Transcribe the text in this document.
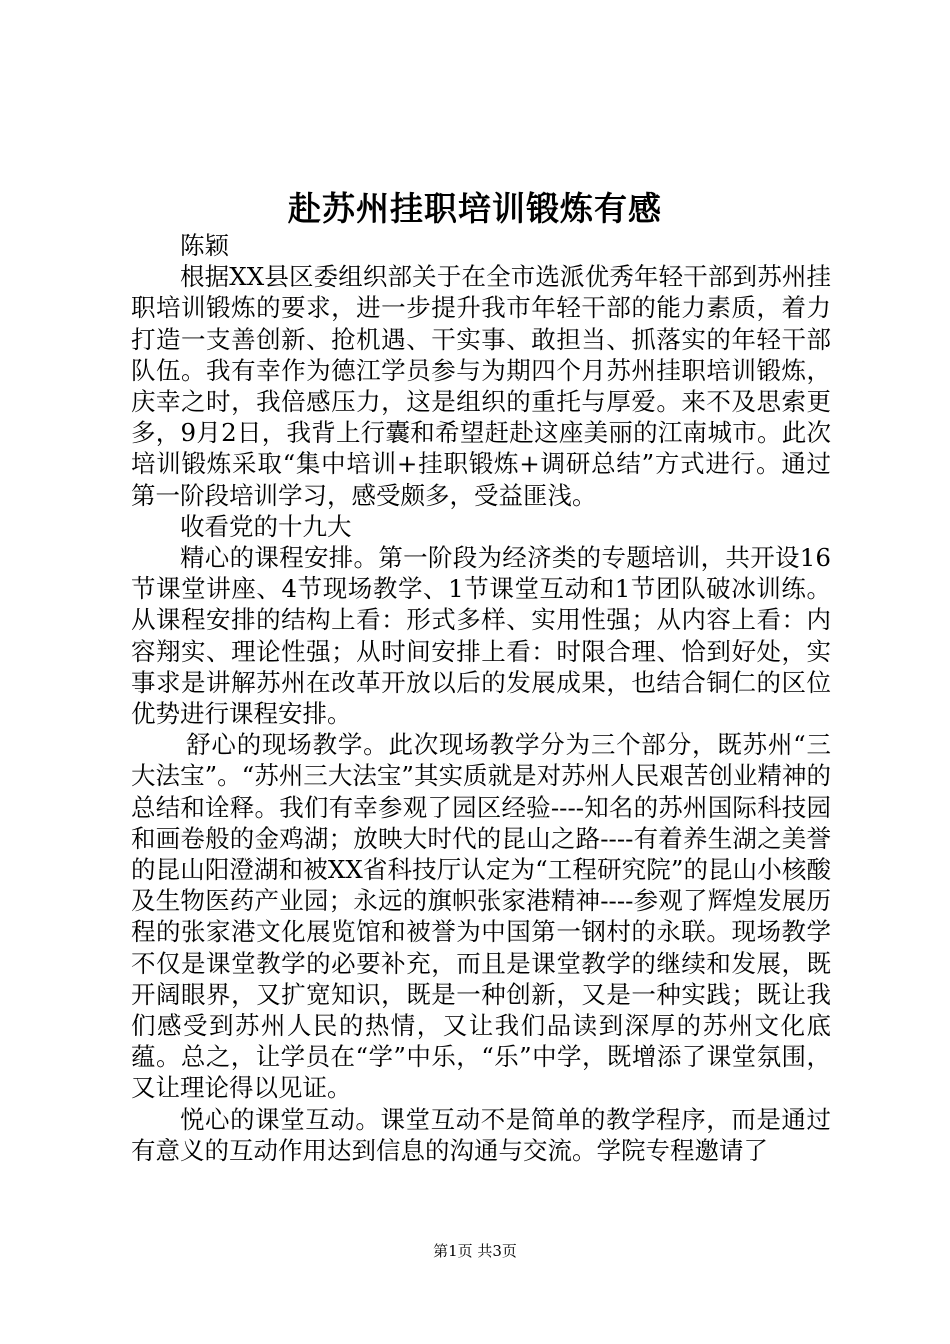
赴苏州挂职培训锻炼有感

陈颖

根据XX县区委组织部关于在全市选派优秀年轻干部到苏州挂职培训锻炼的要求，进一步提升我市年轻干部的能力素质，着力打造一支善创新、抢机遇、干实事、敢担当、抓落实的年轻干部队伍。我有幸作为德江学员参与为期四个月苏州挂职培训锻炼，庆幸之时，我倍感压力，这是组织的重托与厚爱。来不及思索更多，9月2日，我背上行囊和希望赶赴这座美丽的江南城市。此次培训锻炼采取“集中培训+挂职锻炼+调研总结”方式进行。通过第一阶段培训学习，感受颇多，受益匪浅。

收看党的十九大

精心的课程安排。第一阶段为经济类的专题培训，共开设16节课堂讲座、4节现场教学、1节课堂互动和1节团队破冰训练。从课程安排的结构上看：形式多样、实用性强；从内容上看：内容翔实、理论性强；从时间安排上看：时限合理、恰到好处，实事求是讲解苏州在改革开放以后的发展成果，也结合铜仁的区位优势进行课程安排。

舒心的现场教学。此次现场教学分为三个部分，既苏州“三大法宝”。“苏州三大法宝”其实质就是对苏州人民艰苦创业精神的总结和诠释。我们有幸参观了园区经验----知名的苏州国际科技园和画卷般的金鸡湖；放映大时代的昆山之路----有着养生湖之美誉的昆山阳澄湖和被XX省科技厅认定为“工程研究院”的昆山小核酸及生物医药产业园；永远的旗帜张家港精神----参观了辉煌发展历程的张家港文化展览馆和被誉为中国第一钢村的永联。现场教学不仅是课堂教学的必要补充，而且是课堂教学的继续和发展，既开阔眼界，又扩宽知识，既是一种创新，又是一种实践；既让我们感受到苏州人民的热情，又让我们品读到深厚的苏州文化底蕴。总之，让学员在“学”中乐，“乐”中学，既增添了课堂氛围，又让理论得以见证。

悦心的课堂互动。课堂互动不是简单的教学程序，而是通过有意义的互动作用达到信息的沟通与交流。学院专程邀请了

第1页 共3页
